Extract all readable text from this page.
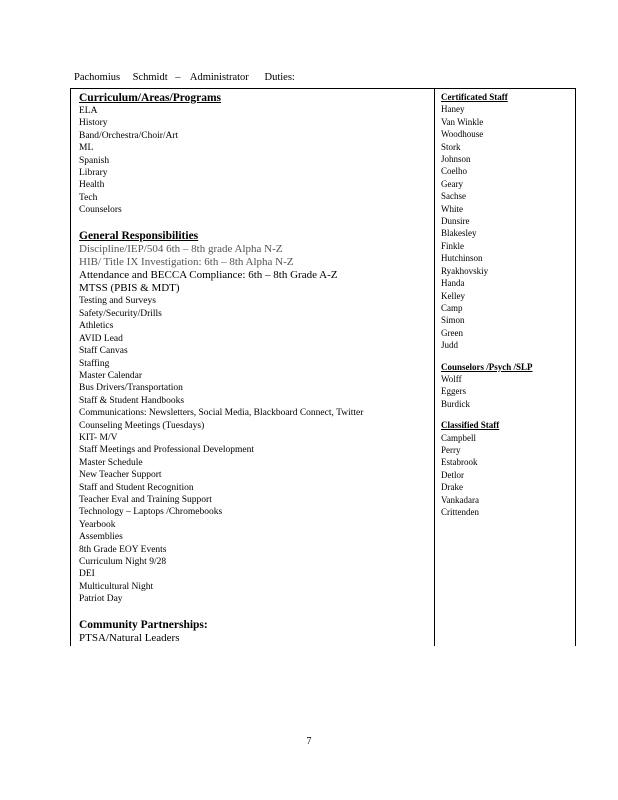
Pachomius Schmidt – Administrator Duties:
Curriculum/Areas/Programs
ELA
History
Band/Orchestra/Choir/Art
ML
Spanish
Library
Health
Tech
Counselors
General Responsibilities
Discipline/IEP/504 6th – 8th grade Alpha N-Z
HIB/ Title IX Investigation: 6th – 8th Alpha N-Z
Attendance and BECCA Compliance: 6th – 8th Grade A-Z
MTSS (PBIS & MDT)
Testing and Surveys
Safety/Security/Drills
Athletics
AVID Lead
Staff Canvas
Staffing
Master Calendar
Bus Drivers/Transportation
Staff & Student Handbooks
Communications: Newsletters, Social Media, Blackboard Connect, Twitter
Counseling Meetings (Tuesdays)
KIT- M/V
Staff Meetings and Professional Development
Master Schedule
New Teacher Support
Staff and Student Recognition
Teacher Eval and Training Support
Technology – Laptops /Chromebooks
Yearbook
Assemblies
8th Grade EOY Events
Curriculum Night 9/28
DEI
Multicultural Night
Patriot Day
Community Partnerships:
PTSA/Natural Leaders
Certificated Staff
Haney
Van Winkle
Woodhouse
Stork
Johnson
Coelho
Geary
Sachse
White
Dunsire
Blakesley
Finkle
Hutchinson
Ryakhovskiy
Handa
Kelley
Camp
Simon
Green
Judd
Counselors /Psych /SLP
Wolff
Eggers
Burdick
Classified Staff
Campbell
Perry
Estabrook
Detlor
Drake
Vankadara
Crittenden
7
